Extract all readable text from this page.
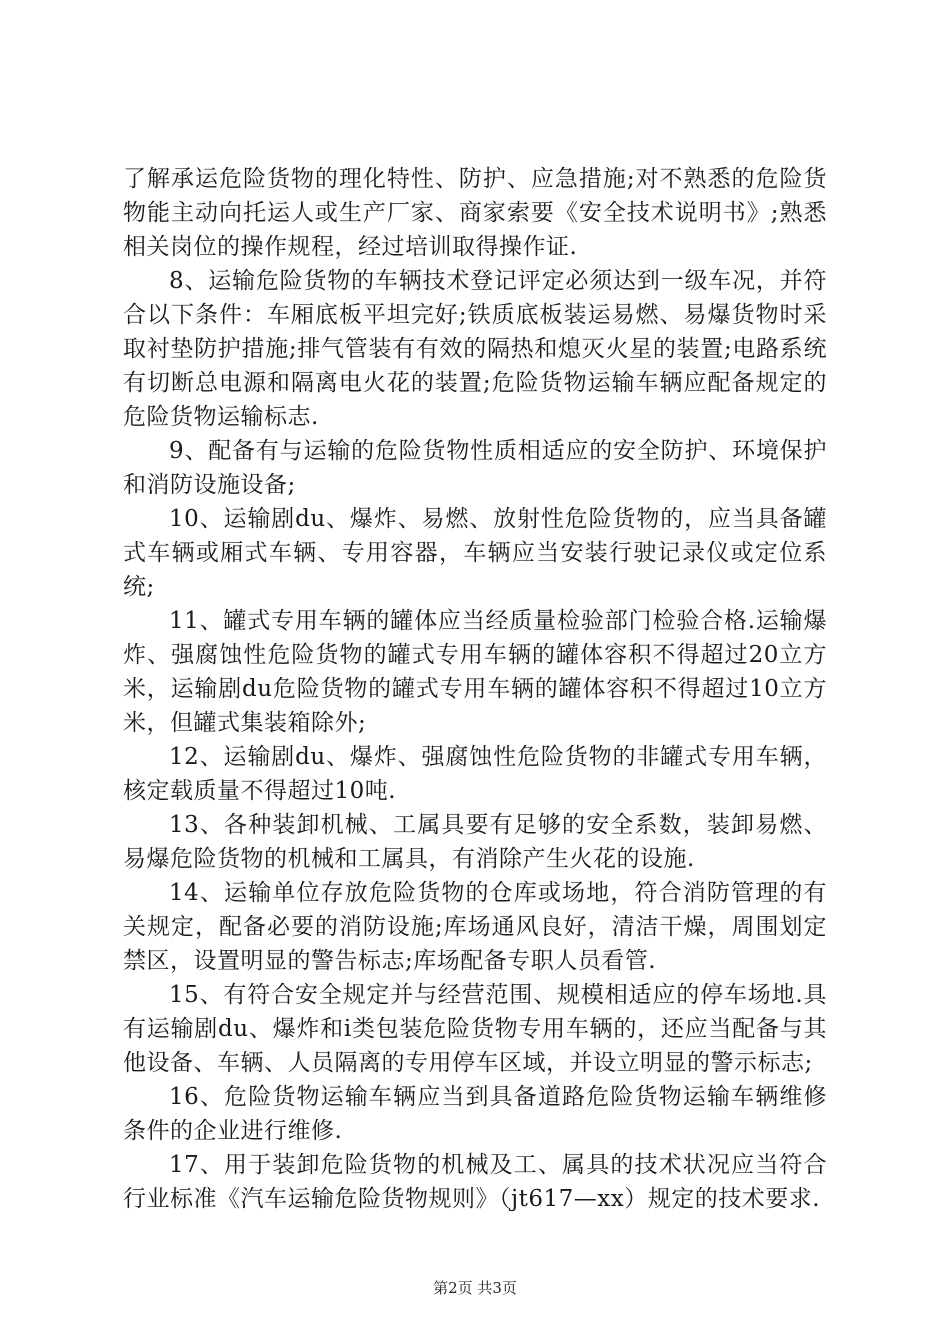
了解承运危险货物的理化特性、防护、应急措施;对不熟悉的危险货物能主动向托运人或生产厂家、商家索要《安全技术说明书》;熟悉相关岗位的操作规程，经过培训取得操作证.

8、运输危险货物的车辆技术登记评定必须达到一级车况，并符合以下条件：车厢底板平坦完好;铁质底板装运易燃、易爆货物时采取衬垫防护措施;排气管装有有效的隔热和熄灭火星的装置;电路系统有切断总电源和隔离电火花的装置;危险货物运输车辆应配备规定的危险货物运输标志.

9、配备有与运输的危险货物性质相适应的安全防护、环境保护和消防设施设备;

10、运输剧du、爆炸、易燃、放射性危险货物的，应当具备罐式车辆或厢式车辆、专用容器，车辆应当安装行驶记录仪或定位系统;

11、罐式专用车辆的罐体应当经质量检验部门检验合格.运输爆炸、强腐蚀性危险货物的罐式专用车辆的罐体容积不得超过20立方米，运输剧du危险货物的罐式专用车辆的罐体容积不得超过10立方米，但罐式集装箱除外;

12、运输剧du、爆炸、强腐蚀性危险货物的非罐式专用车辆，核定载质量不得超过10吨.

13、各种装卸机械、工属具要有足够的安全系数，装卸易燃、易爆危险货物的机械和工属具，有消除产生火花的设施.

14、运输单位存放危险货物的仓库或场地，符合消防管理的有关规定，配备必要的消防设施;库场通风良好，清洁干燥，周围划定禁区，设置明显的警告标志;库场配备专职人员看管.

15、有符合安全规定并与经营范围、规模相适应的停车场地.具有运输剧du、爆炸和ⅰ类包装危险货物专用车辆的，还应当配备与其他设备、车辆、人员隔离的专用停车区域，并设立明显的警示标志;

16、危险货物运输车辆应当到具备道路危险货物运输车辆维修条件的企业进行维修.

17、用于装卸危险货物的机械及工、属具的技术状况应当符合行业标准《汽车运输危险货物规则》（jt617—xx）规定的技术要求.

第2页 共3页
